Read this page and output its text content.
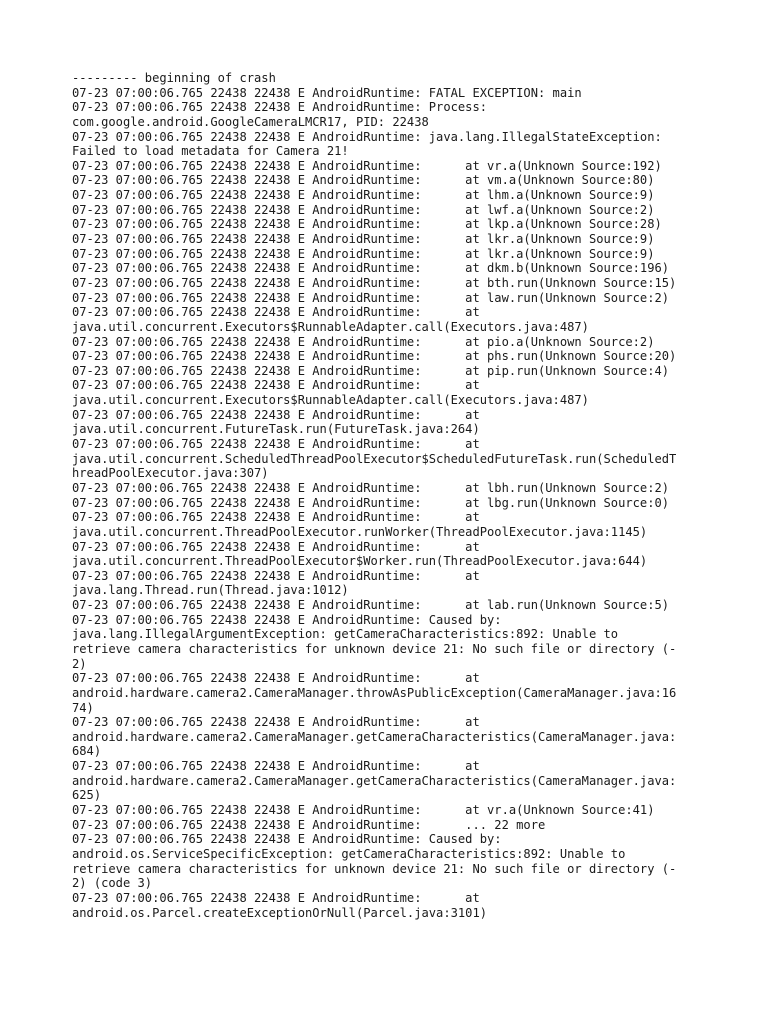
--------- beginning of crash
07-23 07:00:06.765 22438 22438 E AndroidRuntime: FATAL EXCEPTION: main
07-23 07:00:06.765 22438 22438 E AndroidRuntime: Process:
com.google.android.GoogleCameraLMCR17, PID: 22438
07-23 07:00:06.765 22438 22438 E AndroidRuntime: java.lang.IllegalStateException:
Failed to load metadata for Camera 21!
07-23 07:00:06.765 22438 22438 E AndroidRuntime:      at vr.a(Unknown Source:192)
07-23 07:00:06.765 22438 22438 E AndroidRuntime:      at vm.a(Unknown Source:80)
07-23 07:00:06.765 22438 22438 E AndroidRuntime:      at lhm.a(Unknown Source:9)
07-23 07:00:06.765 22438 22438 E AndroidRuntime:      at lwf.a(Unknown Source:2)
07-23 07:00:06.765 22438 22438 E AndroidRuntime:      at lkp.a(Unknown Source:28)
07-23 07:00:06.765 22438 22438 E AndroidRuntime:      at lkr.a(Unknown Source:9)
07-23 07:00:06.765 22438 22438 E AndroidRuntime:      at lkr.a(Unknown Source:9)
07-23 07:00:06.765 22438 22438 E AndroidRuntime:      at dkm.b(Unknown Source:196)
07-23 07:00:06.765 22438 22438 E AndroidRuntime:      at bth.run(Unknown Source:15)
07-23 07:00:06.765 22438 22438 E AndroidRuntime:      at law.run(Unknown Source:2)
07-23 07:00:06.765 22438 22438 E AndroidRuntime:      at
java.util.concurrent.Executors$RunnableAdapter.call(Executors.java:487)
07-23 07:00:06.765 22438 22438 E AndroidRuntime:      at pio.a(Unknown Source:2)
07-23 07:00:06.765 22438 22438 E AndroidRuntime:      at phs.run(Unknown Source:20)
07-23 07:00:06.765 22438 22438 E AndroidRuntime:      at pip.run(Unknown Source:4)
07-23 07:00:06.765 22438 22438 E AndroidRuntime:      at
java.util.concurrent.Executors$RunnableAdapter.call(Executors.java:487)
07-23 07:00:06.765 22438 22438 E AndroidRuntime:      at
java.util.concurrent.FutureTask.run(FutureTask.java:264)
07-23 07:00:06.765 22438 22438 E AndroidRuntime:      at
java.util.concurrent.ScheduledThreadPoolExecutor$ScheduledFutureTask.run(ScheduledT
hreadPoolExecutor.java:307)
07-23 07:00:06.765 22438 22438 E AndroidRuntime:      at lbh.run(Unknown Source:2)
07-23 07:00:06.765 22438 22438 E AndroidRuntime:      at lbg.run(Unknown Source:0)
07-23 07:00:06.765 22438 22438 E AndroidRuntime:      at
java.util.concurrent.ThreadPoolExecutor.runWorker(ThreadPoolExecutor.java:1145)
07-23 07:00:06.765 22438 22438 E AndroidRuntime:      at
java.util.concurrent.ThreadPoolExecutor$Worker.run(ThreadPoolExecutor.java:644)
07-23 07:00:06.765 22438 22438 E AndroidRuntime:      at
java.lang.Thread.run(Thread.java:1012)
07-23 07:00:06.765 22438 22438 E AndroidRuntime:      at lab.run(Unknown Source:5)
07-23 07:00:06.765 22438 22438 E AndroidRuntime: Caused by:
java.lang.IllegalArgumentException: getCameraCharacteristics:892: Unable to
retrieve camera characteristics for unknown device 21: No such file or directory (-
2)
07-23 07:00:06.765 22438 22438 E AndroidRuntime:      at
android.hardware.camera2.CameraManager.throwAsPublicException(CameraManager.java:16
74)
07-23 07:00:06.765 22438 22438 E AndroidRuntime:      at
android.hardware.camera2.CameraManager.getCameraCharacteristics(CameraManager.java:
684)
07-23 07:00:06.765 22438 22438 E AndroidRuntime:      at
android.hardware.camera2.CameraManager.getCameraCharacteristics(CameraManager.java:
625)
07-23 07:00:06.765 22438 22438 E AndroidRuntime:      at vr.a(Unknown Source:41)
07-23 07:00:06.765 22438 22438 E AndroidRuntime:      ... 22 more
07-23 07:00:06.765 22438 22438 E AndroidRuntime: Caused by:
android.os.ServiceSpecificException: getCameraCharacteristics:892: Unable to
retrieve camera characteristics for unknown device 21: No such file or directory (-
2) (code 3)
07-23 07:00:06.765 22438 22438 E AndroidRuntime:      at
android.os.Parcel.createExceptionOrNull(Parcel.java:3101)
